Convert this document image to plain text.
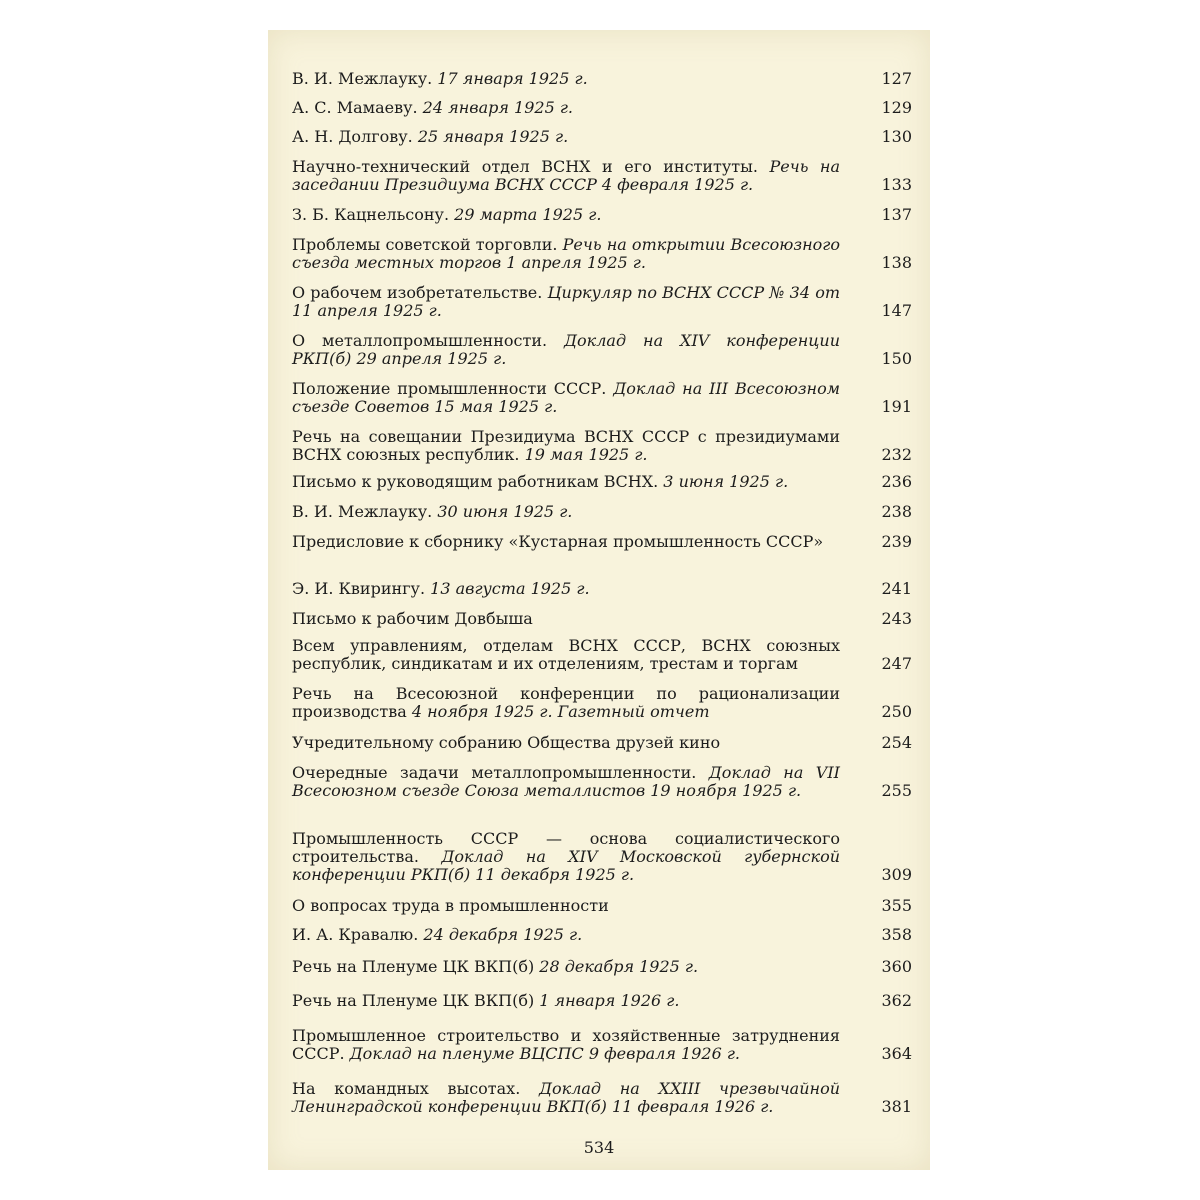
В. И. Межлауку. 17 января 1925 г.	127
А. С. Мамаеву. 24 января 1925 г.	129
А. Н. Долгову. 25 января 1925 г.	130
Научно-технический отдел ВСНХ и его институты. Речь на заседании Президиума ВСНХ СССР 4 февраля 1925 г.	133
З. Б. Кацнельсону. 29 марта 1925 г.	137
Проблемы советской торговли. Речь на открытии Всесоюзного съезда местных торгов 1 апреля 1925 г.	138
О рабочем изобретательстве. Циркуляр по ВСНХ СССР № 34 от 11 апреля 1925 г.	147
О металлопромышленности. Доклад на XIV конференции РКП(б) 29 апреля 1925 г.	150
Положение промышленности СССР. Доклад на III Всесоюзном съезде Советов 15 мая 1925 г.	191
Речь на совещании Президиума ВСНХ СССР с президиумами ВСНХ союзных республик. 19 мая 1925 г.	232
Письмо к руководящим работникам ВСНХ. 3 июня 1925 г.	236
В. И. Межлауку. 30 июня 1925 г.	238
Предисловие к сборнику «Кустарная промышленность СССР»	239
Э. И. Квирингу. 13 августа 1925 г.	241
Письмо к рабочим Довбыша	243
Всем управлениям, отделам ВСНХ СССР, ВСНХ союзных республик, синдикатам и их отделениям, трестам и торгам	247
Речь на Всесоюзной конференции по рационализации производства 4 ноября 1925 г. Газетный отчет	250
Учредительному собранию Общества друзей кино	254
Очередные задачи металлопромышленности. Доклад на VII Всесоюзном съезде Союза металлистов 19 ноября 1925 г.	255
Промышленность СССР — основа социалистического строительства. Доклад на XIV Московской губернской конференции РКП(б) 11 декабря 1925 г.	309
О вопросах труда в промышленности	355
И. А. Кравалю. 24 декабря 1925 г.	358
Речь на Пленуме ЦК ВКП(б) 28 декабря 1925 г.	360
Речь на Пленуме ЦК ВКП(б) 1 января 1926 г.	362
Промышленное строительство и хозяйственные затруднения СССР. Доклад на пленуме ВЦСПС 9 февраля 1926 г.	364
На командных высотах. Доклад на XXIII чрезвычайной Ленинградской конференции ВКП(б) 11 февраля 1926 г.	381
534
